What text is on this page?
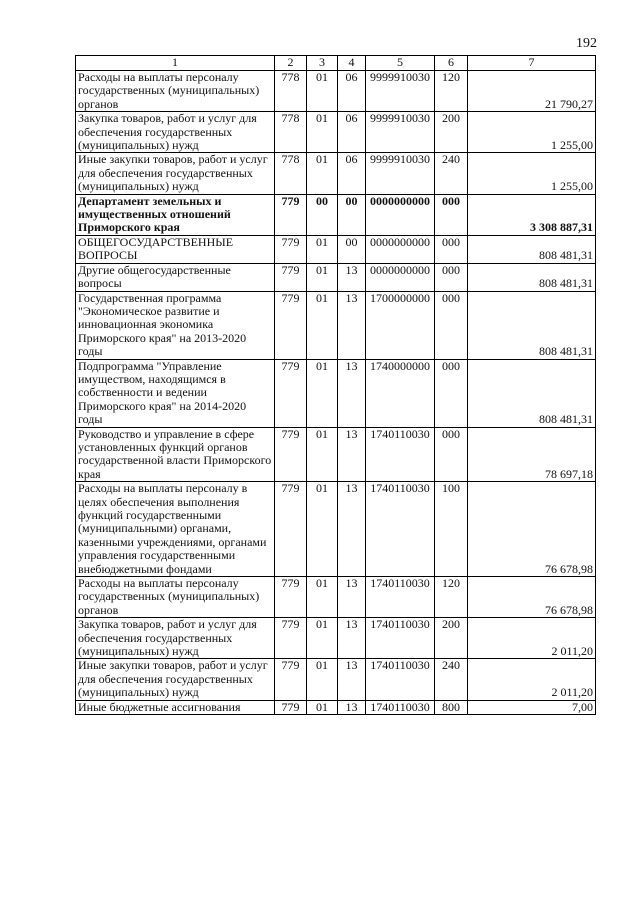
192
1	2	3	4	5	6	7
Расходы на выплаты персоналу государственных (муниципальных) органов	778	01	06	9999910030	120	21 790,27
Закупка товаров, работ и услуг для обеспечения государственных (муниципальных) нужд	778	01	06	9999910030	200	1 255,00
Иные закупки товаров, работ и услуг для обеспечения государственных (муниципальных) нужд	778	01	06	9999910030	240	1 255,00
Департамент земельных и имущественных отношений Приморского края	779	00	00	0000000000	000	3 308 887,31
ОБЩЕГОСУДАРСТВЕННЫЕ ВОПРОСЫ	779	01	00	0000000000	000	808 481,31
Другие общегосударственные вопросы	779	01	13	0000000000	000	808 481,31
Государственная программа "Экономическое развитие и инновационная экономика Приморского края" на 2013-2020 годы	779	01	13	1700000000	000	808 481,31
Подпрограмма "Управление имуществом, находящимся в собственности и ведении Приморского края" на 2014-2020 годы	779	01	13	1740000000	000	808 481,31
Руководство и управление в сфере установленных функций органов государственной власти Приморского края	779	01	13	1740110030	000	78 697,18
Расходы на выплаты персоналу в целях обеспечения выполнения функций государственными (муниципальными) органами, казенными учреждениями, органами управления государственными внебюджетными фондами	779	01	13	1740110030	100	76 678,98
Расходы на выплаты персоналу государственных (муниципальных) органов	779	01	13	1740110030	120	76 678,98
Закупка товаров, работ и услуг для обеспечения государственных (муниципальных) нужд	779	01	13	1740110030	200	2 011,20
Иные закупки товаров, работ и услуг для обеспечения государственных (муниципальных) нужд	779	01	13	1740110030	240	2 011,20
Иные бюджетные ассигнования	779	01	13	1740110030	800	7,00
